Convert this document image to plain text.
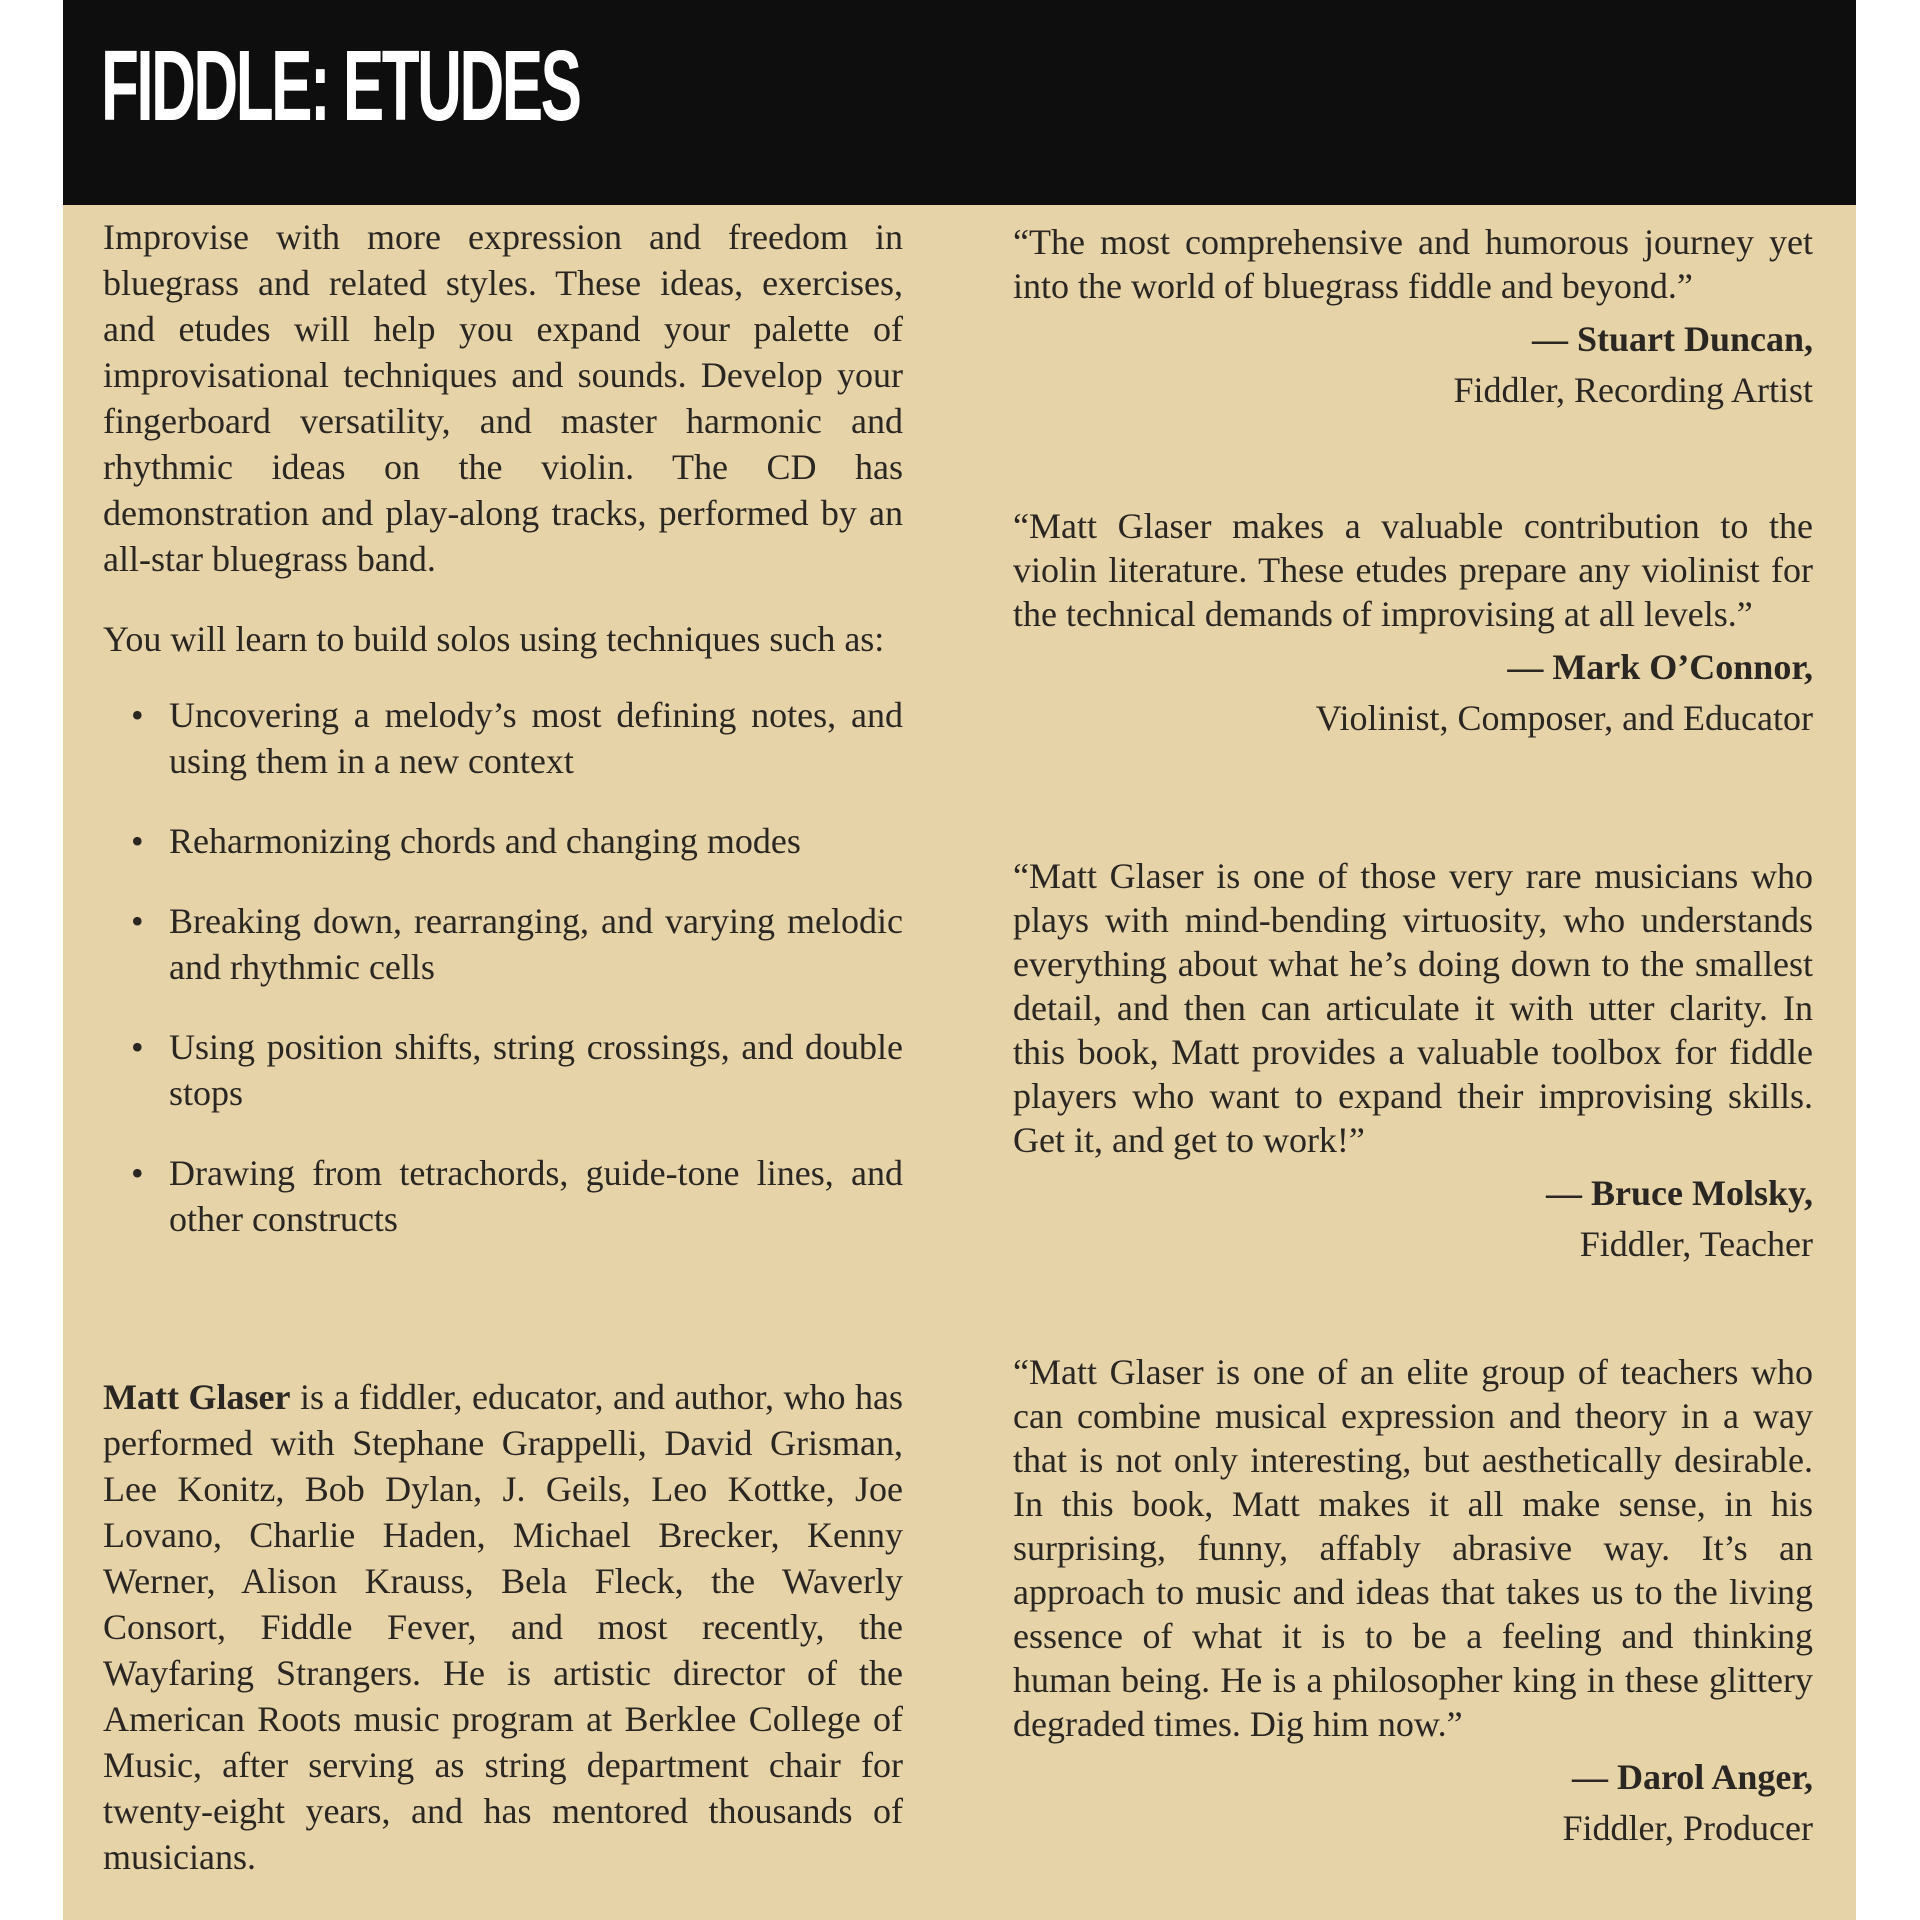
FIDDLE: ETUDES

Improvise with more expression and freedom in bluegrass and related styles. These ideas, exercises, and etudes will help you expand your palette of improvisational techniques and sounds. Develop your fingerboard versatility, and master harmonic and rhythmic ideas on the violin. The CD has demonstration and play-along tracks, performed by an all-star bluegrass band.

You will learn to build solos using techniques such as:

• Uncovering a melody’s most defining notes, and using them in a new context
• Reharmonizing chords and changing modes
• Breaking down, rearranging, and varying melodic and rhythmic cells
• Using position shifts, string crossings, and double stops
• Drawing from tetrachords, guide-tone lines, and other constructs

Matt Glaser is a fiddler, educator, and author, who has performed with Stephane Grappelli, David Grisman, Lee Konitz, Bob Dylan, J. Geils, Leo Kottke, Joe Lovano, Charlie Haden, Michael Brecker, Kenny Werner, Alison Krauss, Bela Fleck, the Waverly Consort, Fiddle Fever, and most recently, the Wayfaring Strangers. He is artistic director of the American Roots music program at Berklee College of Music, after serving as string department chair for twenty-eight years, and has mentored thousands of musicians.

“The most comprehensive and humorous journey yet into the world of bluegrass fiddle and beyond.”

— Stuart Duncan,
Fiddler, Recording Artist

“Matt Glaser makes a valuable contribution to the violin literature. These etudes prepare any violinist for the technical demands of improvising at all levels.”

— Mark O’Connor,
Violinist, Composer, and Educator

“Matt Glaser is one of those very rare musicians who plays with mind-bending virtuosity, who understands everything about what he’s doing down to the smallest detail, and then can articulate it with utter clarity. In this book, Matt provides a valuable toolbox for fiddle players who want to expand their improvising skills. Get it, and get to work!”

— Bruce Molsky,
Fiddler, Teacher

“Matt Glaser is one of an elite group of teachers who can combine musical expression and theory in a way that is not only interesting, but aesthetically desirable. In this book, Matt makes it all make sense, in his surprising, funny, affably abrasive way. It’s an approach to music and ideas that takes us to the living essence of what it is to be a feeling and thinking human being. He is a philosopher king in these glittery degraded times. Dig him now.”

— Darol Anger,
Fiddler, Producer
